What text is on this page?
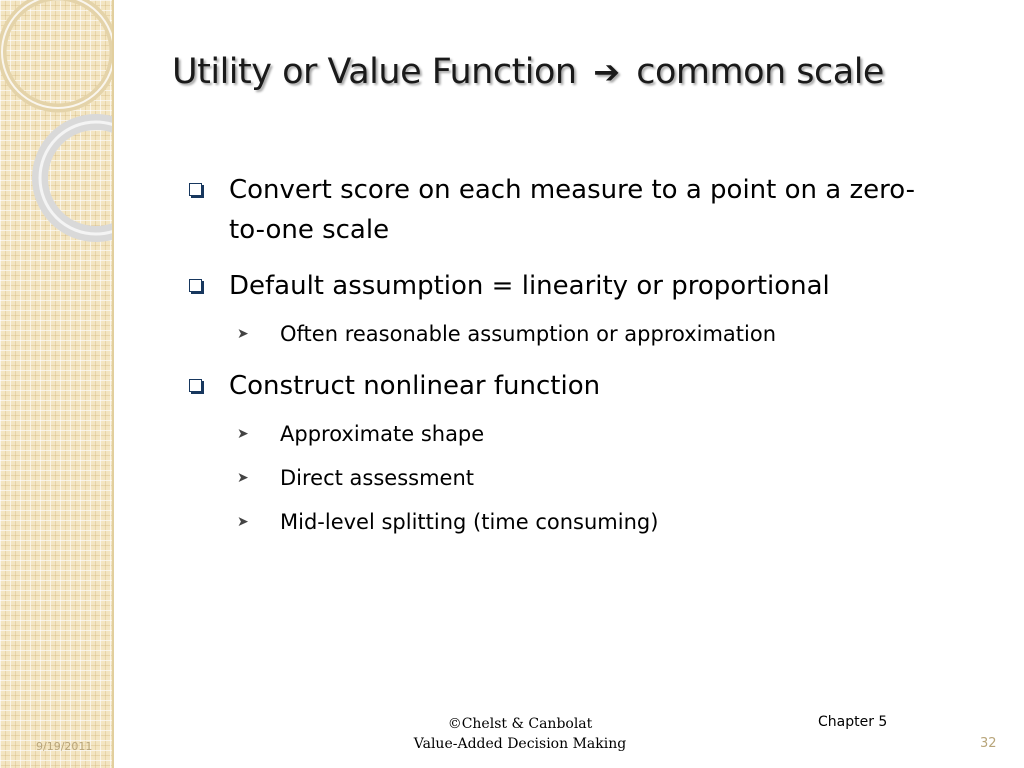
Utility or Value Function ➔ common scale
Convert score on each measure to a point on a zero-to-one scale
Default assumption = linearity or proportional
➤ Often reasonable assumption or approximation
Construct nonlinear function
➤ Approximate shape
➤ Direct assessment
➤ Mid-level splitting (time consuming)
©Chelst & Canbolat
Value-Added Decision Making
Chapter 5
9/19/2011	32
